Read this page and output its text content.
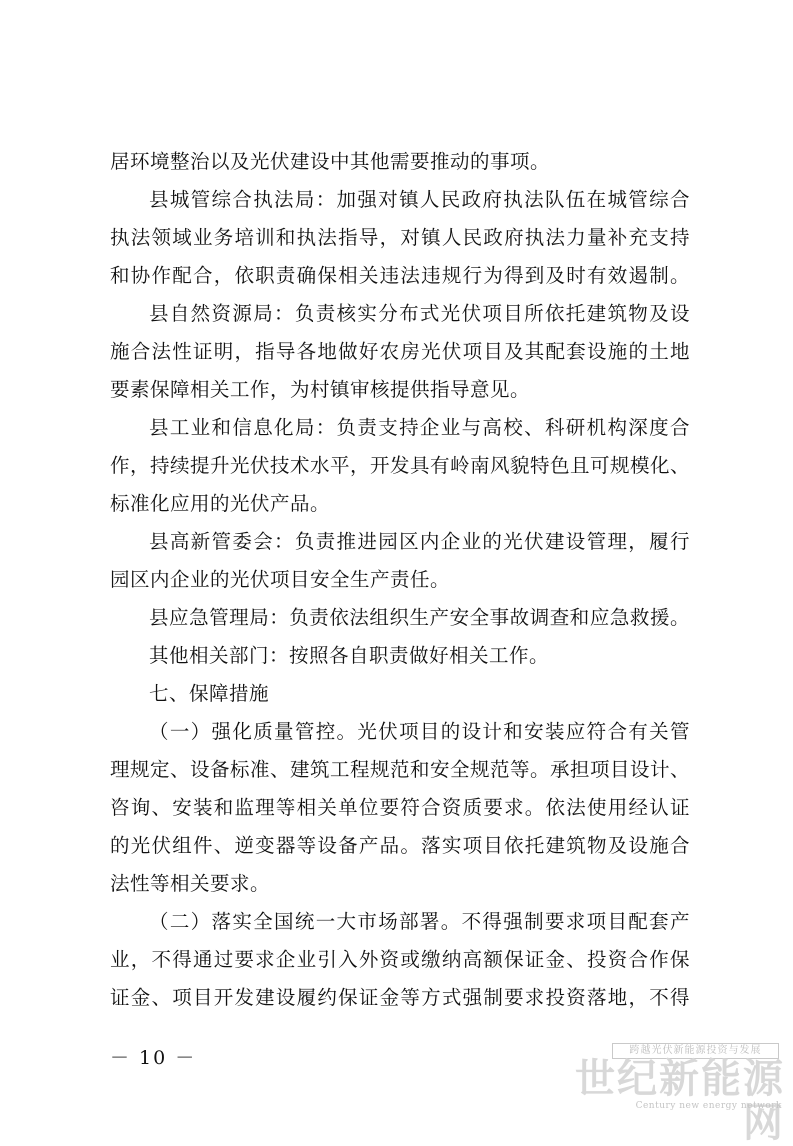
居环境整治以及光伏建设中其他需要推动的事项。
县城管综合执法局：加强对镇人民政府执法队伍在城管综合
执法领域业务培训和执法指导，对镇人民政府执法力量补充支持
和协作配合，依职责确保相关违法违规行为得到及时有效遏制。
县自然资源局：负责核实分布式光伏项目所依托建筑物及设
施合法性证明，指导各地做好农房光伏项目及其配套设施的土地
要素保障相关工作，为村镇审核提供指导意见。
县工业和信息化局：负责支持企业与高校、科研机构深度合
作，持续提升光伏技术水平，开发具有岭南风貌特色且可规模化、
标准化应用的光伏产品。
县高新管委会：负责推进园区内企业的光伏建设管理，履行
园区内企业的光伏项目安全生产责任。
县应急管理局：负责依法组织生产安全事故调查和应急救援。
其他相关部门：按照各自职责做好相关工作。
七、保障措施
（一）强化质量管控。光伏项目的设计和安装应符合有关管
理规定、设备标准、建筑工程规范和安全规范等。承担项目设计、
咨询、安装和监理等相关单位要符合资质要求。依法使用经认证
的光伏组件、逆变器等设备产品。落实项目依托建筑物及设施合
法性等相关要求。
（二）落实全国统一大市场部署。不得强制要求项目配套产
业，不得通过要求企业引入外资或缴纳高额保证金、投资合作保
证金、项目开发建设履约保证金等方式强制要求投资落地，不得
－ 10 －	跨越光伏新能源投资与发展
世纪新能源网
Century new energy network
